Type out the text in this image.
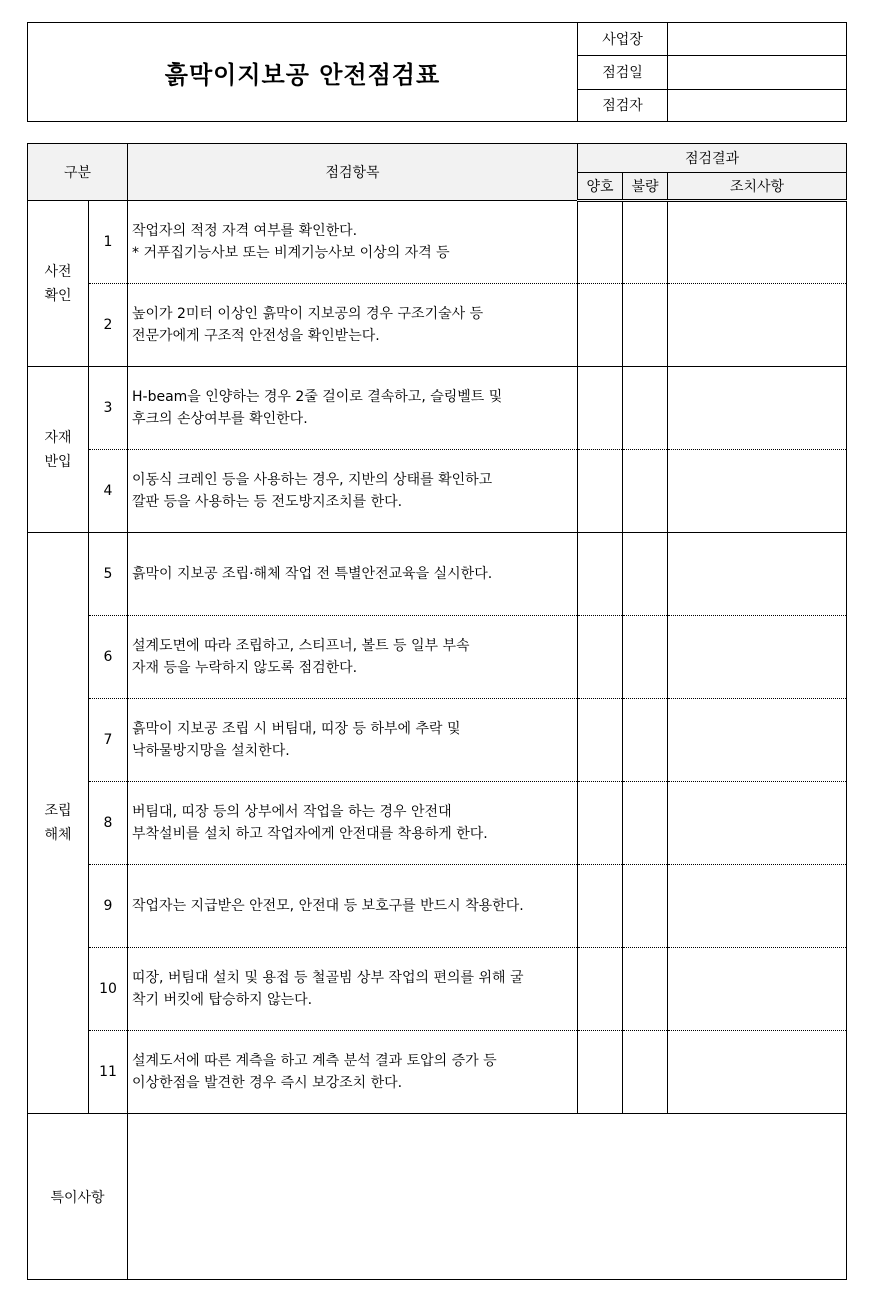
흙막이지보공 안전점검표	사업장	
	점검일	
	점검자	
구분		점검항목	점검결과		
			양호	불량	조치사항
사전
확인	1	작업자의 적정 자격 여부를 확인한다.
* 거푸집기능사보 또는 비계기능사보 이상의 자격 등			
	2	높이가 2미터 이상인 흙막이 지보공의 경우 구조기술사 등
전문가에게 구조적 안전성을 확인받는다.			
자재
반입	3	H-beam을 인양하는 경우 2줄 걸이로 결속하고, 슬링벨트 및
후크의 손상여부를 확인한다.			
	4	이동식 크레인 등을 사용하는 경우, 지반의 상태를 확인하고
깔판 등을 사용하는 등 전도방지조치를 한다.			
조립
해체	5	흙막이 지보공 조립·해체 작업 전 특별안전교육을 실시한다.			
	6	설계도면에 따라 조립하고, 스티프너, 볼트 등 일부 부속
자재 등을 누락하지 않도록 점검한다.			
	7	흙막이 지보공 조립 시 버팀대, 띠장 등 하부에 추락 및
낙하물방지망을 설치한다.			
	8	버팀대, 띠장 등의 상부에서 작업을 하는 경우 안전대
부착설비를 설치 하고 작업자에게 안전대를 착용하게 한다.			
	9	작업자는 지급받은 안전모, 안전대 등 보호구를 반드시 착용한다.			
	10	띠장, 버팀대 설치 및 용접 등 철골빔 상부 작업의 편의를 위해 굴
착기 버킷에 탑승하지 않는다.			
	11	설계도서에 따른 계측을 하고 계측 분석 결과 토압의 증가 등
이상한점을 발견한 경우 즉시 보강조치 한다.			
특이사항					
